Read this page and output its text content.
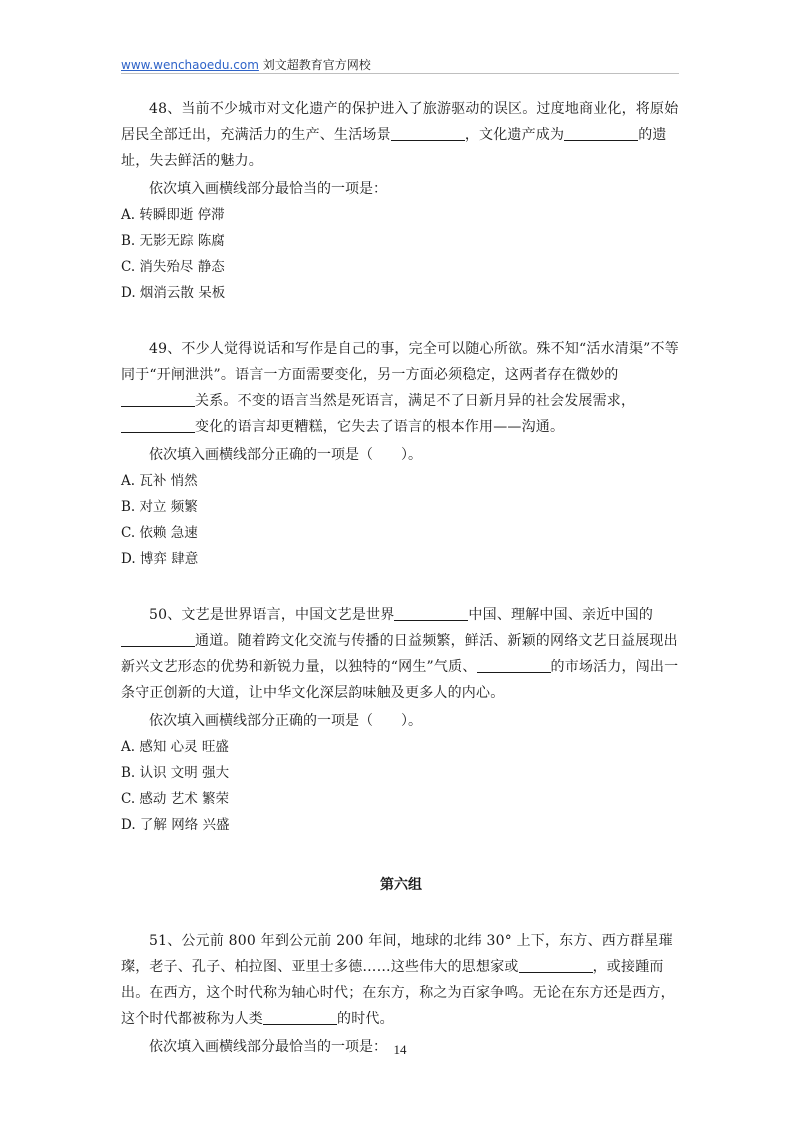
www.wenchaoedu.com 刘文超教育官方网校

48、当前不少城市对文化遗产的保护进入了旅游驱动的误区。过度地商业化，将原始居民全部迁出，充满活力的生产、生活场景	，文化遗产成为	的遗址，失去鲜活的魅力。

依次填入画横线部分最恰当的一项是：

A. 转瞬即逝 停滞

B. 无影无踪 陈腐

C. 消失殆尽 静态

D. 烟消云散 呆板

49、不少人觉得说话和写作是自己的事，完全可以随心所欲。殊不知“活水清渠”不等同于“开闸泄洪”。语言一方面需要变化，另一方面必须稳定，这两者存在微妙的关系。不变的语言当然是死语言，满足不了日新月异的社会发展需求，变化的语言却更糟糕，它失去了语言的根本作用——沟通。

依次填入画横线部分正确的一项是（　　）。

A. 瓦补 悄然

B. 对立 频繁

C. 依赖 急速

D. 博弈 肆意

50、文艺是世界语言，中国文艺是世界	中国、理解中国、亲近中国的通道。随着跨文化交流与传播的日益频繁，鲜活、新颖的网络文艺日益展现出新兴文艺形态的优势和新锐力量，以独特的“网生”气质、	的市场活力，闯出一条守正创新的大道，让中华文化深层韵味触及更多人的内心。

依次填入画横线部分正确的一项是（　　）。

A. 感知 心灵 旺盛

B. 认识 文明 强大

C. 感动 艺术 繁荣

D. 了解 网络 兴盛

第六组

51、公元前 800 年到公元前 200 年间，地球的北纬 30° 上下，东方、西方群星璀璨，老子、孔子、柏拉图、亚里士多德……这些伟大的思想家或	，或接踵而出。在西方，这个时代称为轴心时代；在东方，称之为百家争鸣。无论在东方还是西方，这个时代都被称为人类	的时代。

依次填入画横线部分最恰当的一项是： 14
